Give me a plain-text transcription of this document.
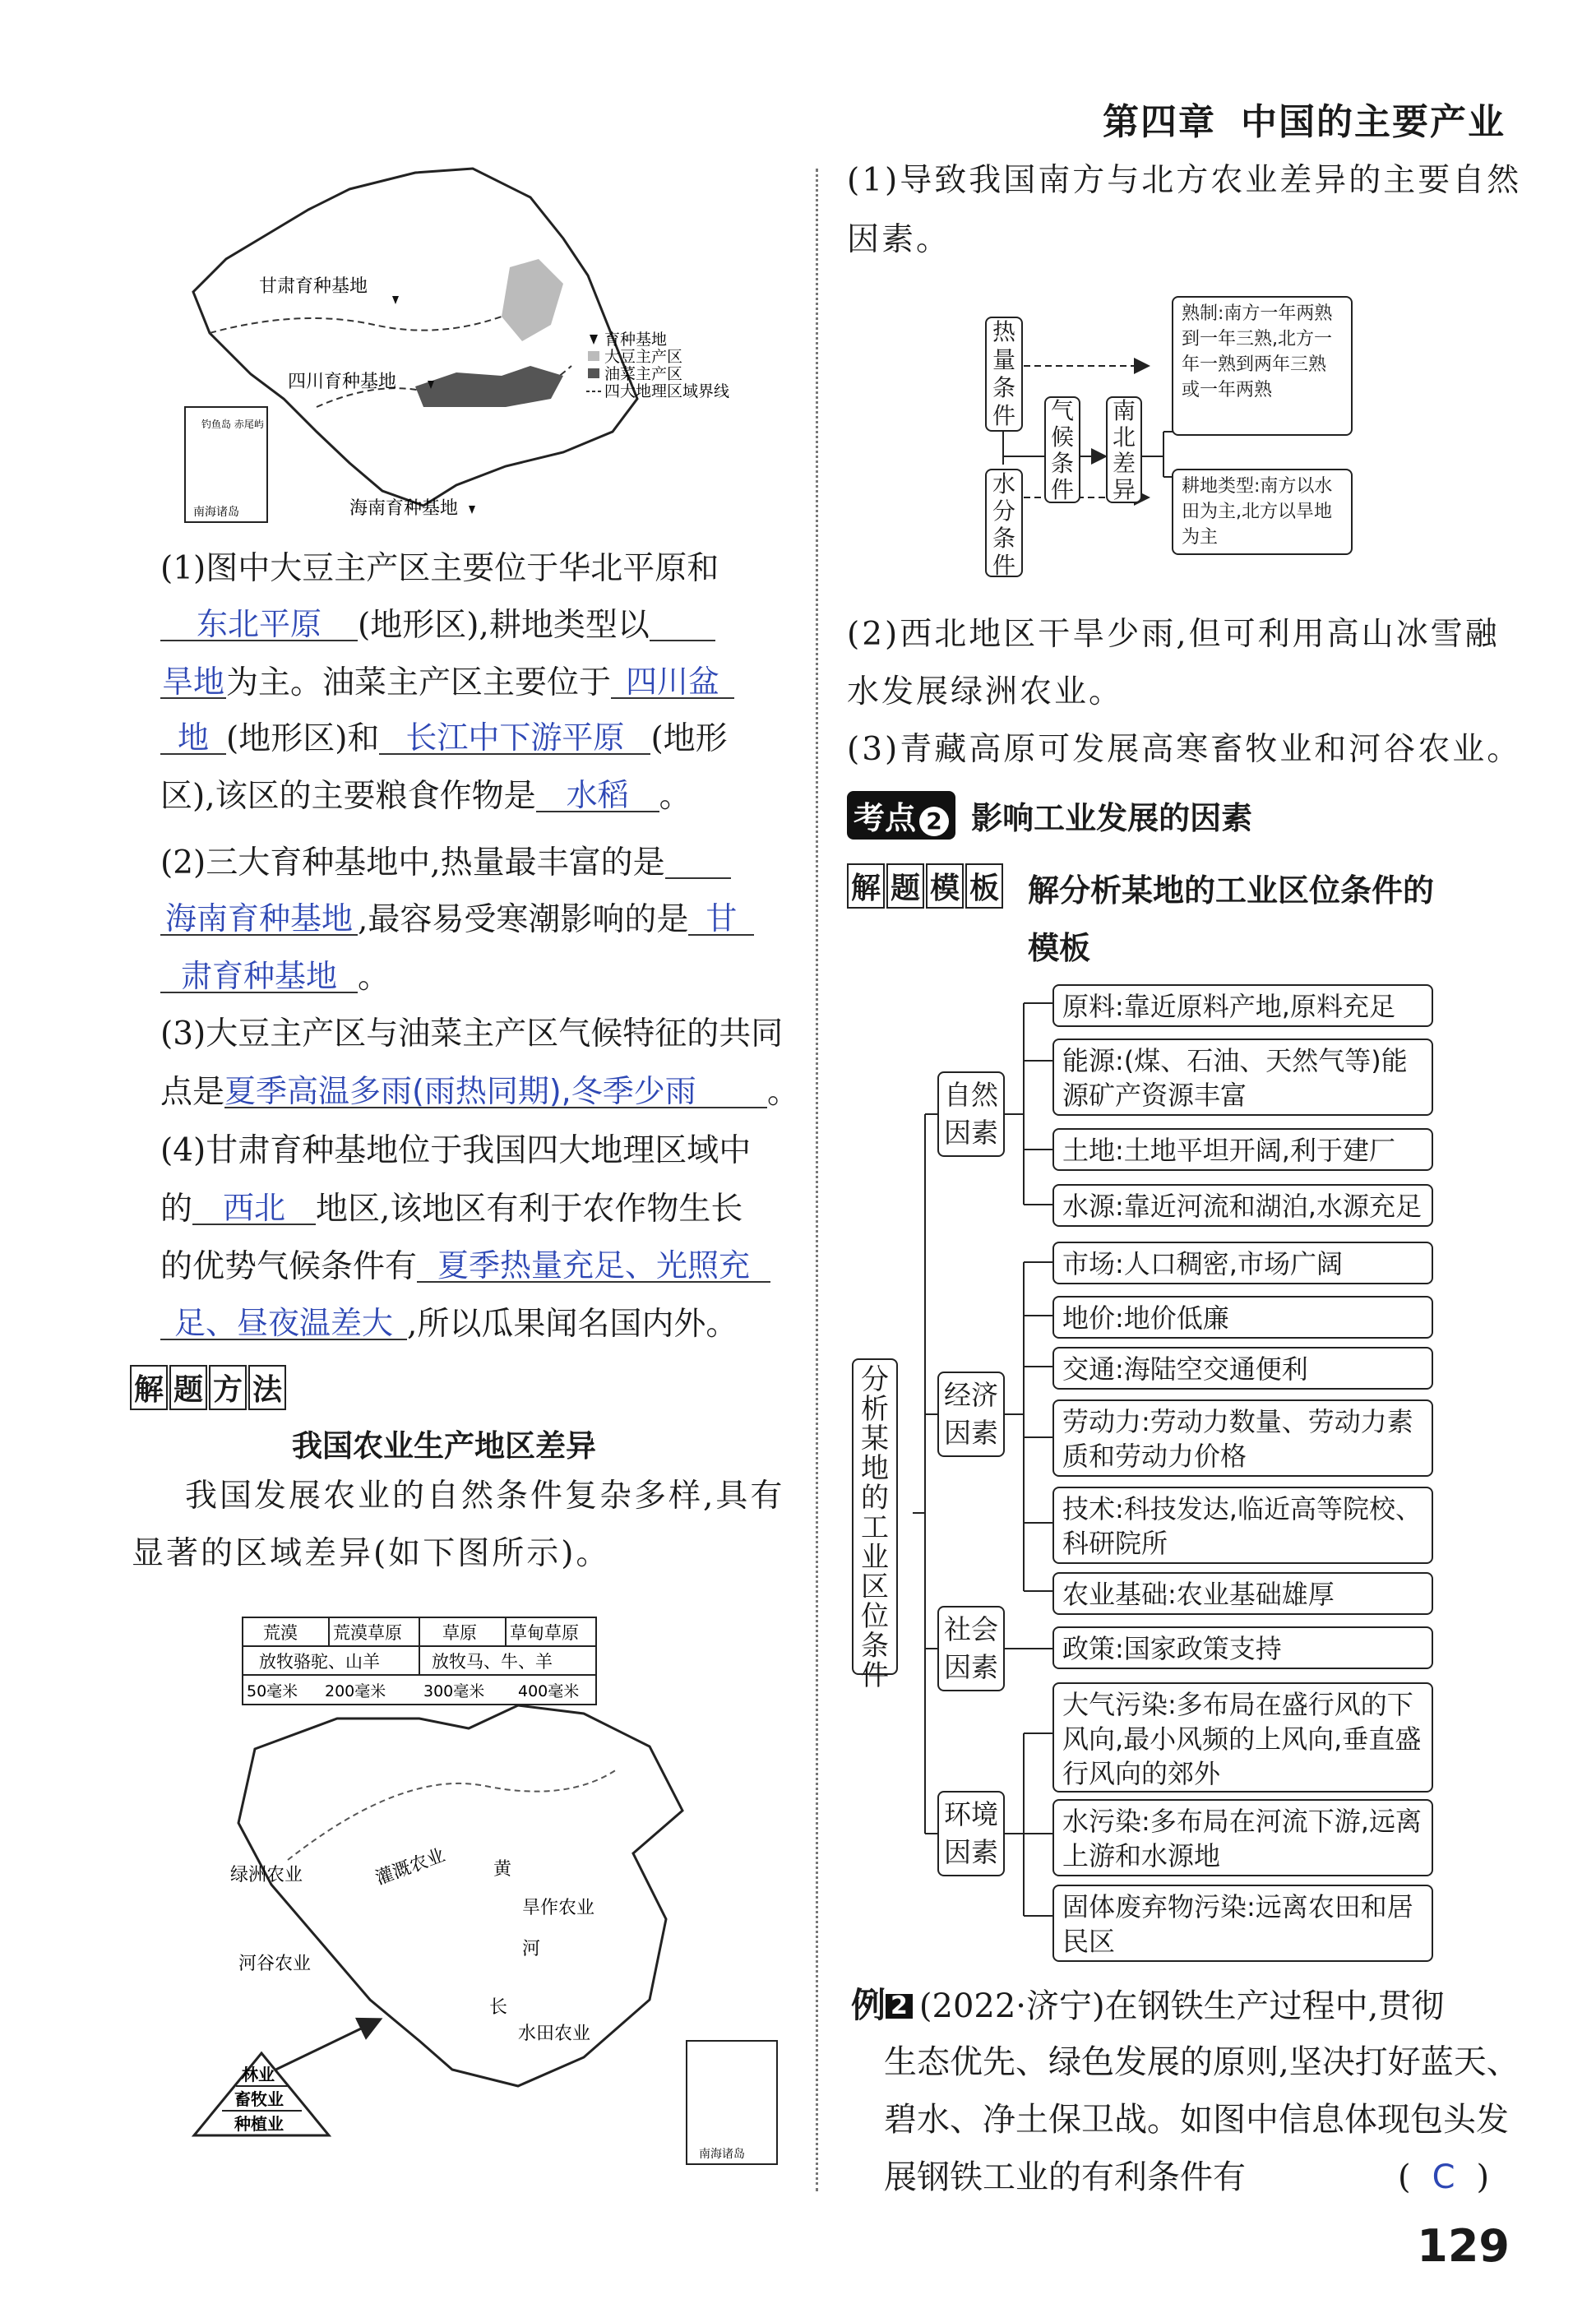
第四章 中国的主要产业
南海诸岛
钓鱼岛 赤尾屿
甘肃育种基地
四川育种基地
海南育种基地
育种基地
大豆主产区
油菜主产区
四大地理区域界线
(1)图中大豆主产区主要位于华北平原和
东北平原 (地形区),耕地类型以
旱地为主。油菜主产区主要位于 四川盆
地 (地形区)和 长江中下游平原 (地形
区),该区的主要粮食作物是 水稻 。
(2)三大育种基地中,热量最丰富的是
海南育种基地 ,最容易受寒潮影响的是 甘
肃育种基地 。
(3)大豆主产区与油菜主产区气候特征的共同
点是夏季高温多雨(雨热同期),冬季少雨 。
(4)甘肃育种基地位于我国四大地理区域中
的 西北 地区,该地区有利于农作物生长
的优势气候条件有 夏季热量充足、光照充
足、昼夜温差大 ,所以瓜果闻名国内外。
解 题 方 法
我国农业生产地区差异
我国发展农业的自然条件复杂多样,具有
显著的区域差异(如下图所示)。
荒漠 荒漠草原 草原 草甸草原
放牧骆驼、山羊	放牧马、牛、羊
50毫米 200毫米 300毫米 400毫米
绿洲农业	灌溉农业	黄
旱作农业
河谷农业
河
长
水田农业
南海诸岛
林业
畜牧业
种植业
(1)导致我国南方与北方农业差异的主要自然
因素。
热量条件
水分条件
气候条件
南北差异
熟制:南方一年两熟到一年三熟,北方一年一熟到两年三熟或一年两熟
耕地类型:南方以水田为主,北方以旱地为主
(2)西北地区干旱少雨,但可利用高山冰雪融
水发展绿洲农业。
(3)青藏高原可发展高寒畜牧业和河谷农业。
考点 2 影响工业发展的因素
解 题 模 板 解分析某地的工业区位条件的
模板
分析某地的工业区位条件
自然因素
经济因素
社会因素
环境因素
原料:靠近原料产地,原料充足
能源:(煤、石油、天然气等)能源矿产资源丰富
土地:土地平坦开阔,利于建厂
水源:靠近河流和湖泊,水源充足
市场:人口稠密,市场广阔
地价:地价低廉
交通:海陆空交通便利
劳动力:劳动力数量、劳动力素质和劳动力价格
技术:科技发达,临近高等院校、科研院所
农业基础:农业基础雄厚
政策:国家政策支持
大气污染:多布局在盛行风的下风向,最小风频的上风向,垂直盛行风向的郊外
水污染:多布局在河流下游,远离上游和水源地
固体废弃物污染:远离农田和居民区
例 2 (2022·济宁)在钢铁生产过程中,贯彻
生态优先、绿色发展的原则,坚决打好蓝天、
碧水、净土保卫战。如图中信息体现包头发
展钢铁工业的有利条件有	( C )
129
